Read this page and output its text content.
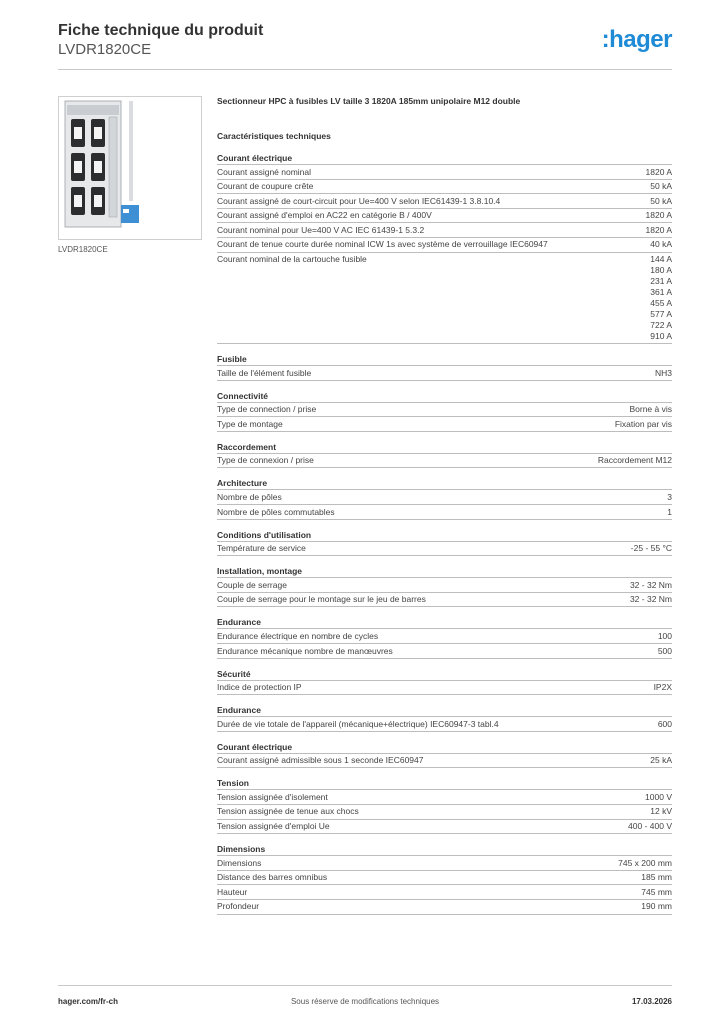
Fiche technique du produit
LVDR1820CE	:hager
LVDR1820CE
Sectionneur HPC à fusibles LV taille 3 1820A 185mm unipolaire M12 double
Caractéristiques techniques
Courant électrique
Courant assigné nominal	1820 A
Courant de coupure crête	50 kA
Courant assigné de court-circuit pour Ue=400 V selon IEC61439-1 3.8.10.4	50 kA
Courant assigné d'emploi en AC22 en catégorie B / 400V	1820 A
Courant nominal pour Ue=400 V AC IEC 61439-1 5.3.2	1820 A
Courant de tenue courte durée nominal ICW 1s avec système de verrouillage IEC60947	40 kA
Courant nominal de la cartouche fusible	144 A
180 A
231 A
361 A
455 A
577 A
722 A
910 A
Fusible
Taille de l'élément fusible	NH3
Connectivité
Type de connection / prise	Borne à vis
Type de montage	Fixation par vis
Raccordement
Type de connexion / prise	Raccordement M12
Architecture
Nombre de pôles	3
Nombre de pôles commutables	1
Conditions d'utilisation
Température de service	-25 - 55 °C
Installation, montage
Couple de serrage	32 - 32 Nm
Couple de serrage pour le montage sur le jeu de barres	32 - 32 Nm
Endurance
Endurance électrique en nombre de cycles	100
Endurance mécanique nombre de manœuvres	500
Sécurité
Indice de protection IP	IP2X
Endurance
Durée de vie totale de l'appareil (mécanique+électrique) IEC60947-3 tabl.4	600
Courant électrique
Courant assigné admissible sous 1 seconde IEC60947	25 kA
Tension
Tension assignée d'isolement	1000 V
Tension assignée de tenue aux chocs	12 kV
Tension assignée d'emploi Ue	400 - 400 V
Dimensions
Dimensions	745 x 200 mm
Distance des barres omnibus	185 mm
Hauteur	745 mm
Profondeur	190 mm
hager.com/fr-ch	Sous réserve de modifications techniques	17.03.2026
